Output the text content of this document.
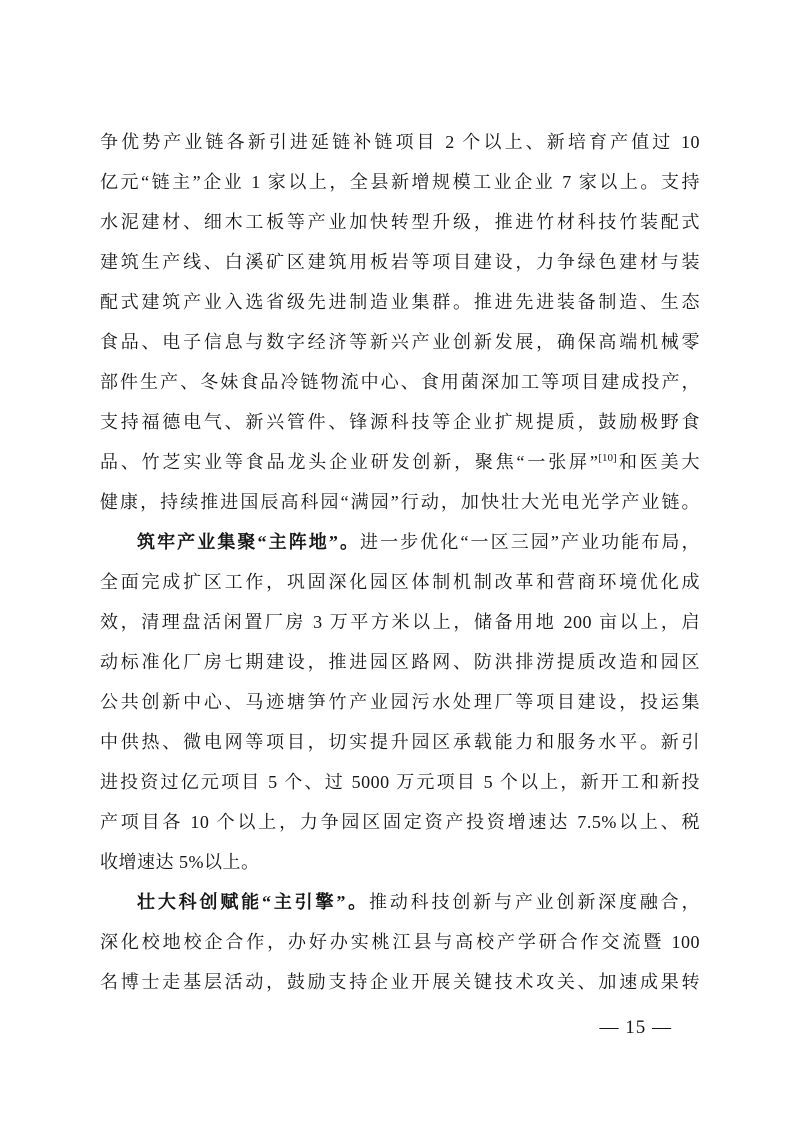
争优势产业链各新引进延链补链项目 2 个以上、新培育产值过 10
亿元“链主”企业 1 家以上，全县新增规模工业企业 7 家以上。支持
水泥建材、细木工板等产业加快转型升级，推进竹材科技竹装配式
建筑生产线、白溪矿区建筑用板岩等项目建设，力争绿色建材与装
配式建筑产业入选省级先进制造业集群。推进先进装备制造、生态
食品、电子信息与数字经济等新兴产业创新发展，确保高端机械零
部件生产、冬妹食品冷链物流中心、食用菌深加工等项目建成投产，
支持福德电气、新兴管件、锋源科技等企业扩规提质，鼓励极野食
品、竹芝实业等食品龙头企业研发创新，聚焦“一张屏”[10]和医美大
健康，持续推进国辰高科园“满园”行动，加快壮大光电光学产业链。
筑牢产业集聚“主阵地”。进一步优化“一区三园”产业功能布局，
全面完成扩区工作，巩固深化园区体制机制改革和营商环境优化成
效，清理盘活闲置厂房 3 万平方米以上，储备用地 200 亩以上，启
动标准化厂房七期建设，推进园区路网、防洪排涝提质改造和园区
公共创新中心、马迹塘笋竹产业园污水处理厂等项目建设，投运集
中供热、微电网等项目，切实提升园区承载能力和服务水平。新引
进投资过亿元项目 5 个、过 5000 万元项目 5 个以上，新开工和新投
产项目各 10 个以上，力争园区固定资产投资增速达 7.5%以上、税
收增速达 5%以上。
壮大科创赋能“主引擎”。推动科技创新与产业创新深度融合，
深化校地校企合作，办好办实桃江县与高校产学研合作交流暨 100
名博士走基层活动，鼓励支持企业开展关键技术攻关、加速成果转
— 15 —
